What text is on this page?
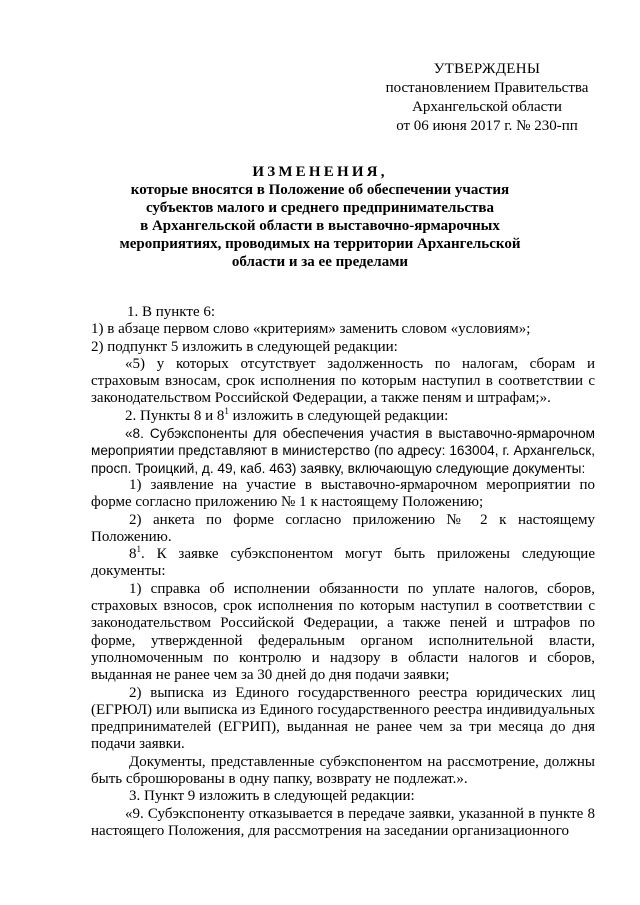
УТВЕРЖДЕНЫ
постановлением Правительства
Архангельской области
от 06 июня 2017 г. № 230-пп
ИЗМЕНЕНИЯ,
которые вносятся в Положение об обеспечении участия
субъектов малого и среднего предпринимательства
в Архангельской области в выставочно-ярмарочных
мероприятиях, проводимых на территории Архангельской
области и за ее пределами

1. В пункте 6:

1) в абзаце первом слово «критериям» заменить словом «условиям»;

2) подпункт 5 изложить в следующей редакции:

«5) у которых отсутствует задолженность по налогам, сборам и страховым взносам, срок исполнения по которым наступил в соответствии с законодательством Российской Федерации, а также пеням и штрафам;».

2. Пункты 8 и $8^1$ изложить в следующей редакции:

«8. Субэкспоненты для обеспечения участия в выставочно-ярмарочном мероприятии представляют в министерство (по адресу: 163004, г. Архангельск, просп. Троицкий, д. 49, каб. 463) заявку, включающую следующие документы:

1) заявление на участие в выставочно-ярмарочном мероприятии по форме согласно приложению № 1 к настоящему Положению;

2) анкета по форме согласно приложению № 2 к настоящему Положению.

$8^1$. К заявке субэкспонентом могут быть приложены следующие документы:

1) справка об исполнении обязанности по уплате налогов, сборов, страховых взносов, срок исполнения по которым наступил в соответствии с законодательством Российской Федерации, а также пеней и штрафов по форме, утвержденной федеральным органом исполнительной власти, уполномоченным по контролю и надзору в области налогов и сборов, выданная не ранее чем за 30 дней до дня подачи заявки;

2) выписка из Единого государственного реестра юридических лиц (ЕГРЮЛ) или выписка из Единого государственного реестра индивидуальных предпринимателей (ЕГРИП), выданная не ранее чем за три месяца до дня подачи заявки.

Документы, представленные субэкспонентом на рассмотрение, должны быть сброшюрованы в одну папку, возврату не подлежат.».

3. Пункт 9 изложить в следующей редакции:

«9. Субэкспоненту отказывается в передаче заявки, указанной в пункте 8 настоящего Положения, для рассмотрения на заседании организационного
